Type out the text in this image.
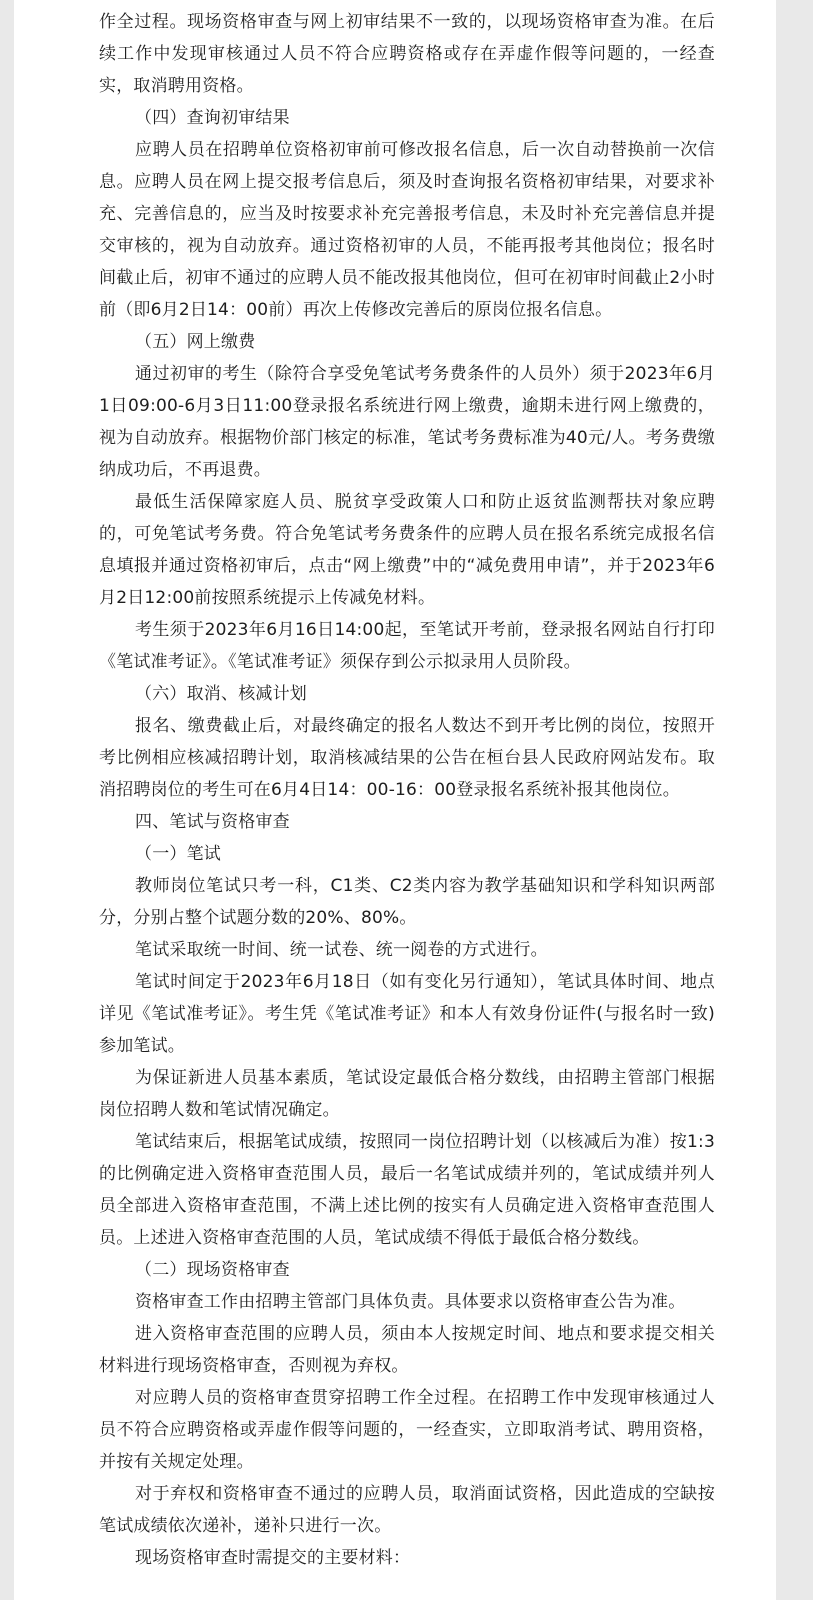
作全过程。现场资格审查与网上初审结果不一致的，以现场资格审查为准。在后续工作中发现审核通过人员不符合应聘资格或存在弄虚作假等问题的，一经查实，取消聘用资格。

（四）查询初审结果

应聘人员在招聘单位资格初审前可修改报名信息，后一次自动替换前一次信息。应聘人员在网上提交报考信息后，须及时查询报名资格初审结果，对要求补充、完善信息的，应当及时按要求补充完善报考信息，未及时补充完善信息并提交审核的，视为自动放弃。通过资格初审的人员，不能再报考其他岗位；报名时间截止后，初审不通过的应聘人员不能改报其他岗位，但可在初审时间截止2小时前（即6月2日14：00前）再次上传修改完善后的原岗位报名信息。

（五）网上缴费

通过初审的考生（除符合享受免笔试考务费条件的人员外）须于2023年6月1日09:00-6月3日11:00登录报名系统进行网上缴费，逾期未进行网上缴费的，视为自动放弃。根据物价部门核定的标准，笔试考务费标准为40元/人。考务费缴纳成功后，不再退费。

最低生活保障家庭人员、脱贫享受政策人口和防止返贫监测帮扶对象应聘的，可免笔试考务费。符合免笔试考务费条件的应聘人员在报名系统完成报名信息填报并通过资格初审后，点击“网上缴费”中的“减免费用申请”，并于2023年6月2日12:00前按照系统提示上传减免材料。

考生须于2023年6月16日14:00起，至笔试开考前，登录报名网站自行打印《笔试准考证》。《笔试准考证》须保存到公示拟录用人员阶段。

（六）取消、核减计划

报名、缴费截止后，对最终确定的报名人数达不到开考比例的岗位，按照开考比例相应核减招聘计划，取消核减结果的公告在桓台县人民政府网站发布。取消招聘岗位的考生可在6月4日14：00-16：00登录报名系统补报其他岗位。

四、笔试与资格审查

（一）笔试

教师岗位笔试只考一科，C1类、C2类内容为教学基础知识和学科知识两部分，分别占整个试题分数的20%、80%。

笔试采取统一时间、统一试卷、统一阅卷的方式进行。

笔试时间定于2023年6月18日（如有变化另行通知），笔试具体时间、地点详见《笔试准考证》。考生凭《笔试准考证》和本人有效身份证件(与报名时一致)参加笔试。

为保证新进人员基本素质，笔试设定最低合格分数线，由招聘主管部门根据岗位招聘人数和笔试情况确定。

笔试结束后，根据笔试成绩，按照同一岗位招聘计划（以核减后为准）按1:3的比例确定进入资格审查范围人员，最后一名笔试成绩并列的，笔试成绩并列人员全部进入资格审查范围，不满上述比例的按实有人员确定进入资格审查范围人员。上述进入资格审查范围的人员，笔试成绩不得低于最低合格分数线。

（二）现场资格审查

资格审查工作由招聘主管部门具体负责。具体要求以资格审查公告为准。

进入资格审查范围的应聘人员，须由本人按规定时间、地点和要求提交相关材料进行现场资格审查，否则视为弃权。

对应聘人员的资格审查贯穿招聘工作全过程。在招聘工作中发现审核通过人员不符合应聘资格或弄虚作假等问题的，一经查实，立即取消考试、聘用资格，并按有关规定处理。

对于弃权和资格审查不通过的应聘人员，取消面试资格，因此造成的空缺按笔试成绩依次递补，递补只进行一次。

现场资格审查时需提交的主要材料：
